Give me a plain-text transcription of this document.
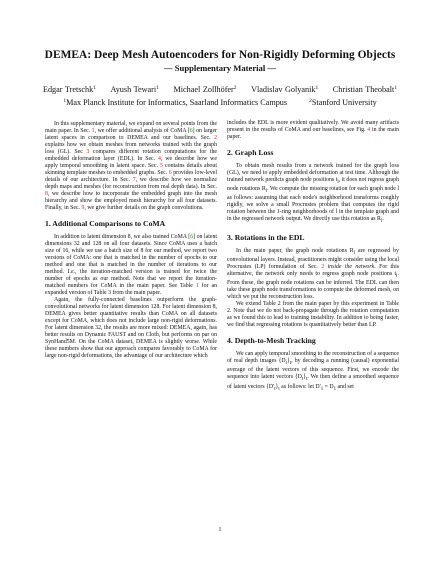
DEMEA: Deep Mesh Autoencoders for Non-Rigidly Deforming Objects
— Supplementary Material —
Edgar Tretschk$^1$ Ayush Tewari$^1$ Michael Zollhöfer$^2$ Vladislav Golyanik$^1$ Christian Theobalt$^1$
$^1$Max Planck Institute for Informatics, Saarland Informatics Campus	$^2$Stanford University

In this supplementary material, we expand on several points from the main paper. In Sec. 1, we offer additional analysis of CoMA [6] on larger latent spaces in comparison to DEMEA and our baselines. Sec. 2 explains how we obtain meshes from networks trained with the graph loss (GL). Sec 3 compares different rotation computations for the embedded deformation layer (EDL). In Sec. 4, we describe how we apply temporal smoothing in latent space. Sec. 5 contains details about skinning template meshes to embedded graphs. Sec. 6 provides low-level details of our architecture. In Sec. 7, we describe how we normalize depth maps and meshes (for reconstruction from real depth data). In Sec. 8, we describe how to incorporate the embedded graph into the mesh hierarchy and show the employed mesh hierarchy for all four datasets. Finally, in Sec. 9, we give further details on the graph convolutions.

1. Additional Comparisons to CoMA

In addition to latent dimension 8, we also trained CoMA [6] on latent dimensions 32 and 128 on all four datasets. Since CoMA uses a batch size of 16, while we use a batch size of 8 for our method, we report two versions of CoMA: one that is matched in the number of epochs to our method and one that is matched in the number of iterations to our method. I.e., the iteration-matched version is trained for twice the number of epochs as our method. Note that we report the iteration-matched numbers for CoMA in the main paper. See Table 1 for an expanded version of Table 3 from the main paper.

Again, the fully-connected baselines outperform the graph-convolutional networks for latent dimension 128. For latent dimension 8, DEMEA gives better quantitative results than CoMA on all datasets except for CoMA, which does not include large non-rigid deformations. For latent dimension 32, the results are more mixed: DEMEA, again, has better results on Dynamic FAUST and on Cloth, but performs on par on SynHand5M. On the CoMA dataset, DEMEA is slightly worse. While these numbers show that our approach compares favorably to CoMA for large non-rigid deformations, the advantage of our architecture which

includes the EDL is more evident qualitatively. We avoid many artifacts present in the results of CoMA and our baselines, see Fig. 4 in the main paper.

2. Graph Loss

To obtain mesh results from a network trained for the graph loss (GL), we need to apply embedded deformation at test time. Although the trained network predicts graph node positions $t_l$, it does not regress graph node rotations $R_l$. We compute the missing rotation for each graph node l as follows: assuming that each node's neighborhood transforms roughly rigidly, we solve a small Procrustes problem that computes the rigid rotation between the 1-ring neighborhoods of l in the template graph and in the regressed network output. We directly use this rotation as $R_l$.

3. Rotations in the EDL

In the main paper, the graph node rotations $R_l$ are regressed by convolutional layers. Instead, practitioners might consider using the local Procrustes (LP) formulation of Sec. 2 inside the network. For this alternative, the network only needs to regress graph node positions $t_l$. From these, the graph node rotations can be inferred. The EDL can then take these graph node transformations to compute the deformed mesh, on which we put the reconstruction loss.

We extend Table 2 from the main paper by this experiment in Table 2. Note that we do not back-propagate through the rotation computation as we found this to lead to training instability. In addition to being faster, we find that regressing rotations is quantitatively better than LP.

4. Depth-to-Mesh Tracking

We can apply temporal smoothing to the reconstruction of a sequence of real depth images $\{D_t\}_t$, by decoding a running (causal) exponential average of the latent vectors of this sequence. First, we encode the sequence into latent vectors $\{D_t\}_t$. We then define a smoothed sequence of latent vectors $\{D'_t\}_t$ as follows: let $D'_1 = D_1$ and set

1
